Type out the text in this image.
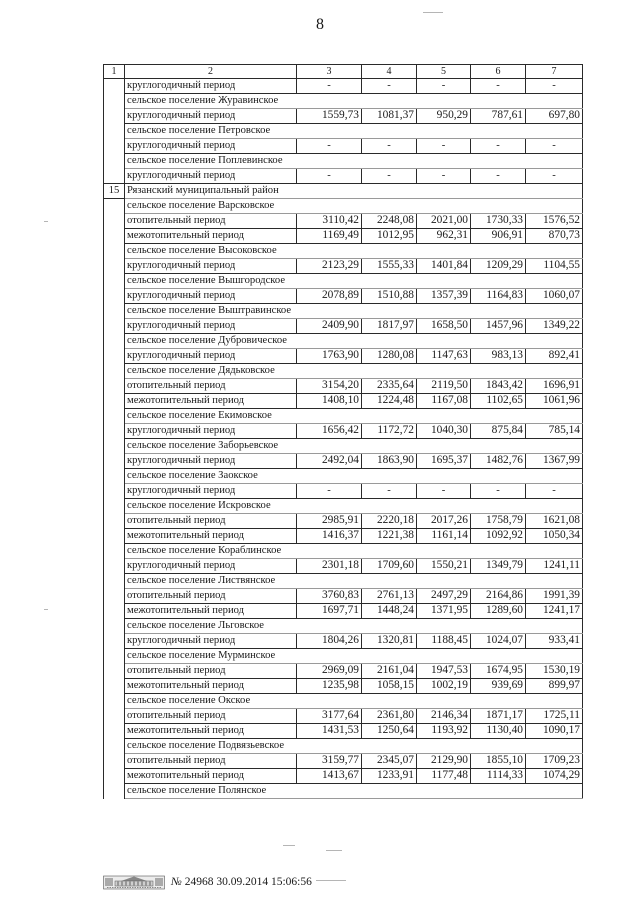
8
1	2	3	4	5	6	7
	круглогодичный период	-	-	-	-	-
	сельское поселение Журавинское					
	круглогодичный период	1559,73	1081,37	950,29	787,61	697,80
	сельское поселение Петровское					
	круглогодичный период	-	-	-	-	-
	сельское поселение Поплевинское					
	круглогодичный период	-	-	-	-	-
15	Рязанский муниципальный район					
	сельское поселение Варсковское					
	отопительный период	3110,42	2248,08	2021,00	1730,33	1576,52
	межотопительный период	1169,49	1012,95	962,31	906,91	870,73
	сельское поселение Высоковское					
	круглогодичный период	2123,29	1555,33	1401,84	1209,29	1104,55
	сельское поселение Вышгородское					
	круглогодичный период	2078,89	1510,88	1357,39	1164,83	1060,07
	сельское поселение Выштравинское					
	круглогодичный период	2409,90	1817,97	1658,50	1457,96	1349,22
	сельское поселение Дубровическое					
	круглогодичный период	1763,90	1280,08	1147,63	983,13	892,41
	сельское поселение Дядьковское					
	отопительный период	3154,20	2335,64	2119,50	1843,42	1696,91
	межотопительный период	1408,10	1224,48	1167,08	1102,65	1061,96
	сельское поселение Екимовское					
	круглогодичный период	1656,42	1172,72	1040,30	875,84	785,14
	сельское поселение Заборьевское					
	круглогодичный период	2492,04	1863,90	1695,37	1482,76	1367,99
	сельское поселение Заокское					
	круглогодичный период	-	-	-	-	-
	сельское поселение Искровское					
	отопительный период	2985,91	2220,18	2017,26	1758,79	1621,08
	межотопительный период	1416,37	1221,38	1161,14	1092,92	1050,34
	сельское поселение Кораблинское					
	круглогодичный период	2301,18	1709,60	1550,21	1349,79	1241,11
	сельское поселение Листвянское					
	отопительный период	3760,83	2761,13	2497,29	2164,86	1991,39
	межотопительный период	1697,71	1448,24	1371,95	1289,60	1241,17
	сельское поселение Льговское					
	круглогодичный период	1804,26	1320,81	1188,45	1024,07	933,41
	сельское поселение Мурминское					
	отопительный период	2969,09	2161,04	1947,53	1674,95	1530,19
	межотопительный период	1235,98	1058,15	1002,19	939,69	899,97
	сельское поселение Окское					
	отопительный период	3177,64	2361,80	2146,34	1871,17	1725,11
	межотопительный период	1431,53	1250,64	1193,92	1130,40	1090,17
	сельское поселение Подвязьевское					
	отопительный период	3159,77	2345,07	2129,90	1855,10	1709,23
	межотопительный период	1413,67	1233,91	1177,48	1114,33	1074,29
	сельское поселение Полянское					
№ 24968 30.09.2014 15:06:56
